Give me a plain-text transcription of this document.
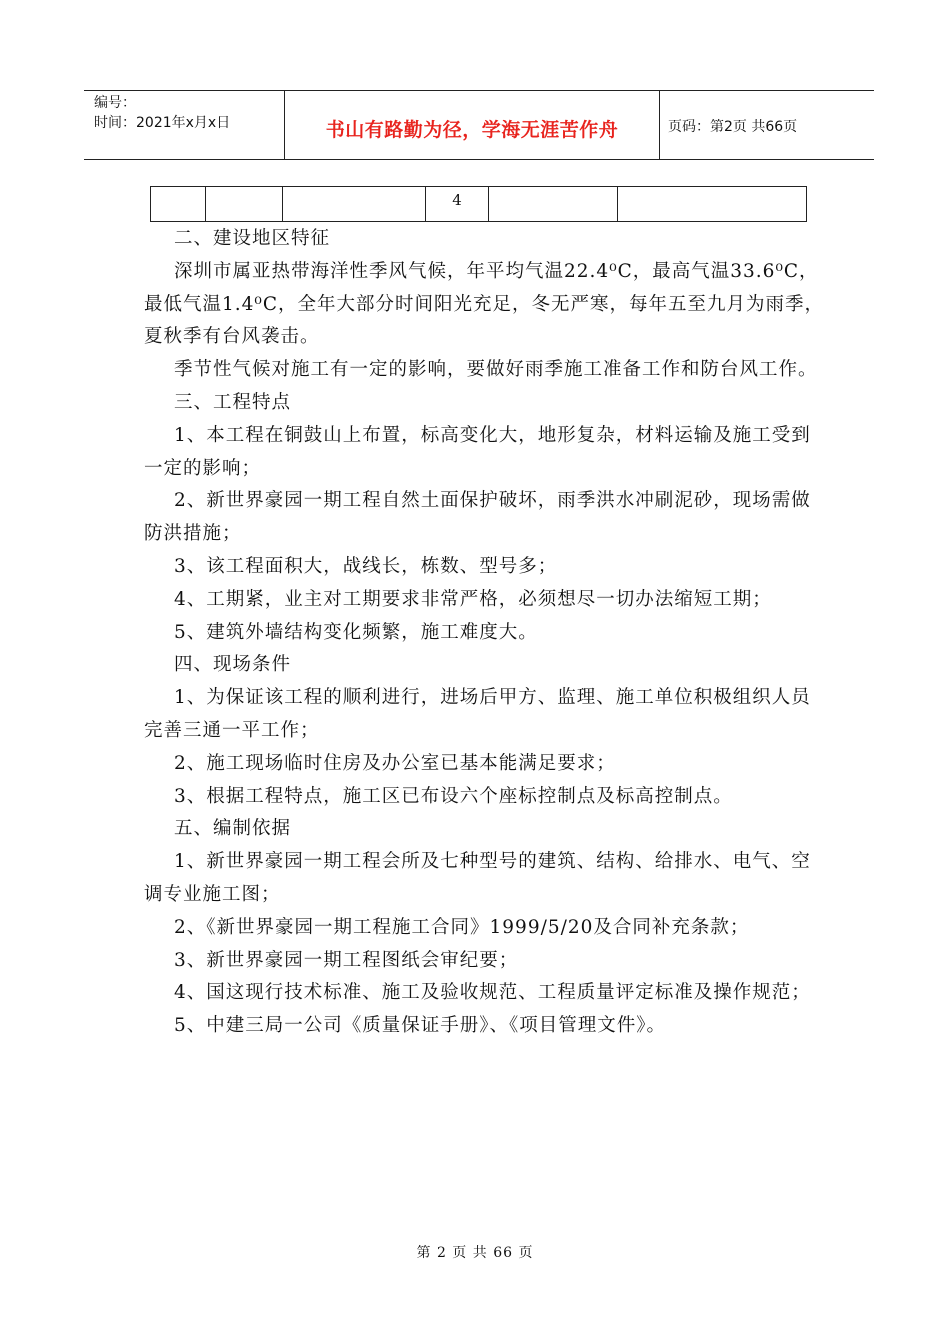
编号：
时间：2021年x月x日	书山有路勤为径，学海无涯苦作舟	页码：第2页 共66页
			4		

二、建设地区特征

深圳市属亚热带海洋性季风气候，年平均气温22.4⁰C，最高气温33.6⁰C，最低气温1.4⁰C，全年大部分时间阳光充足，冬无严寒，每年五至九月为雨季，夏秋季有台风袭击。

季节性气候对施工有一定的影响，要做好雨季施工准备工作和防台风工作。

三、工程特点

1、本工程在铜鼓山上布置，标高变化大，地形复杂，材料运输及施工受到一定的影响；

2、新世界豪园一期工程自然土面保护破坏，雨季洪水冲刷泥砂，现场需做防洪措施；

3、该工程面积大，战线长，栋数、型号多；

4、工期紧，业主对工期要求非常严格，必须想尽一切办法缩短工期；

5、建筑外墙结构变化频繁，施工难度大。

四、现场条件

1、为保证该工程的顺利进行，进场后甲方、监理、施工单位积极组织人员完善三通一平工作；

2、施工现场临时住房及办公室已基本能满足要求；

3、根据工程特点，施工区已布设六个座标控制点及标高控制点。

五、编制依据

1、新世界豪园一期工程会所及七种型号的建筑、结构、给排水、电气、空调专业施工图；

2、《新世界豪园一期工程施工合同》1999/5/20及合同补充条款；

3、新世界豪园一期工程图纸会审纪要；

4、国这现行技术标准、施工及验收规范、工程质量评定标准及操作规范；

5、中建三局一公司《质量保证手册》、《项目管理文件》。

第 2 页 共 66 页
